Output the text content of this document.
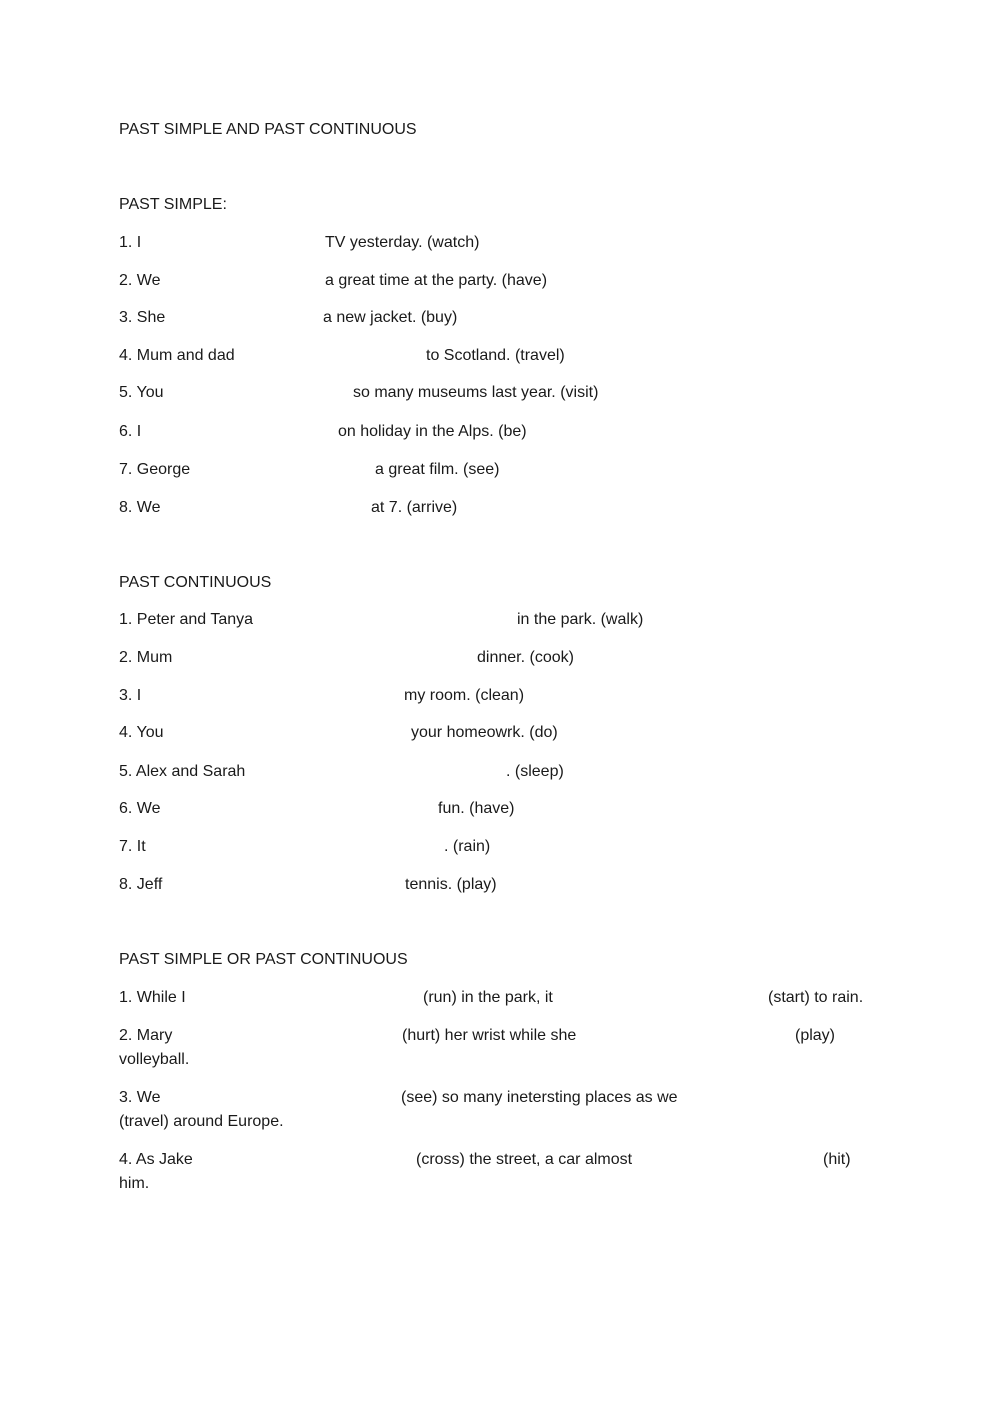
PAST SIMPLE AND PAST CONTINUOUS
PAST SIMPLE:
1. I	TV yesterday. (watch)
2. We	a great time at the party. (have)
3. She	a new jacket. (buy)
4. Mum and dad	to Scotland. (travel)
5. You	so many museums last year. (visit)
6. I	on holiday in the Alps. (be)
7. George	a great film. (see)
8. We	at 7. (arrive)
PAST CONTINUOUS
1. Peter and Tanya	in the park. (walk)
2. Mum	dinner. (cook)
3. I	my room. (clean)
4. You	your homeowrk. (do)
5. Alex and Sarah	. (sleep)
6. We	fun. (have)
7. It	. (rain)
8. Jeff	tennis. (play)
PAST SIMPLE OR PAST CONTINUOUS
1. While I	(run) in the park, it	(start) to rain.
2. Mary	(hurt) her wrist while she	(play)
volleyball.
3. We	(see) so many inetersting places as we
(travel) around Europe.
4. As Jake	(cross) the street, a car almost	(hit)
him.
